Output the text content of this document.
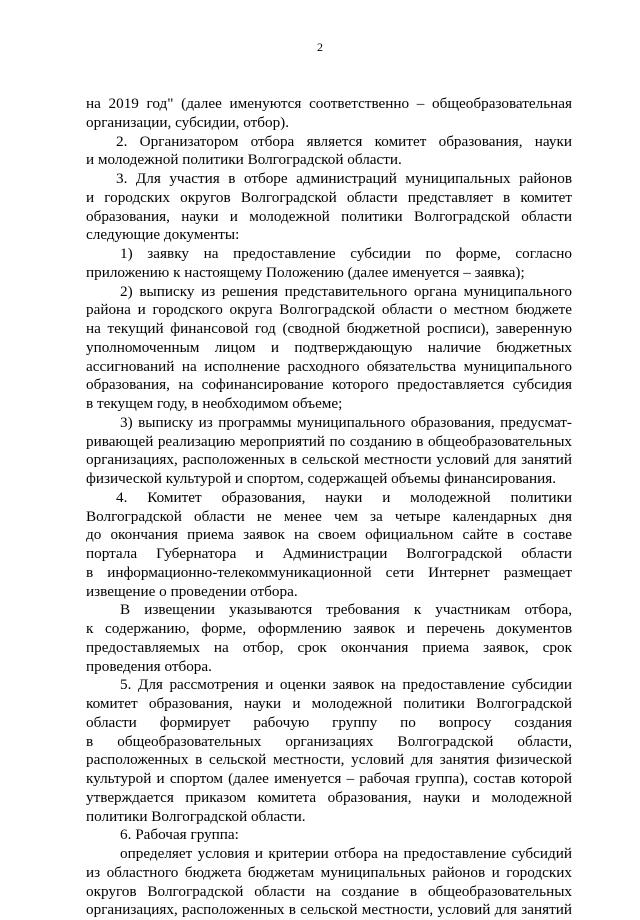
2
на 2019 год" (далее именуются соответственно – общеобразовательная
организации, субсидии, отбор).
2. Организатором отбора является комитет образования, науки
и молодежной политики Волгоградской области.
3. Для участия в отборе администраций муниципальных районов
и городских округов Волгоградской области представляет в комитет
образования, науки и молодежной политики Волгоградской области
следующие документы:
1) заявку на предоставление субсидии по форме, согласно
приложению к настоящему Положению (далее именуется – заявка);
2) выписку из решения представительного органа муниципального
района и городского округа Волгоградской области о местном бюджете
на текущий финансовой год (сводной бюджетной росписи), заверенную
уполномоченным лицом и подтверждающую наличие бюджетных
ассигнований на исполнение расходного обязательства муниципального
образования, на софинансирование которого предоставляется субсидия
в текущем году, в необходимом объеме;
3) выписку из программы муниципального образования, предусмат-
ривающей реализацию мероприятий по созданию в общеобразовательных
организациях, расположенных в сельской местности условий для занятий
физической культурой и спортом, содержащей объемы финансирования.
4. Комитет образования, науки и молодежной политики
Волгоградской области не менее чем за четыре календарных дня
до окончания приема заявок на своем официальном сайте в составе
портала Губернатора и Администрации Волгоградской области
в информационно-телекоммуникационной сети Интернет размещает
извещение о проведении отбора.
В извещении указываются требования к участникам отбора,
к содержанию, форме, оформлению заявок и перечень документов
предоставляемых на отбор, срок окончания приема заявок, срок
проведения отбора.
5. Для рассмотрения и оценки заявок на предоставление субсидии
комитет образования, науки и молодежной политики Волгоградской
области формирует рабочую группу по вопросу создания
в общеобразовательных организациях Волгоградской области,
расположенных в сельской местности, условий для занятия физической
культурой и спортом (далее именуется – рабочая группа), состав которой
утверждается приказом комитета образования, науки и молодежной
политики Волгоградской области.
6. Рабочая группа:
определяет условия и критерии отбора на предоставление субсидий
из областного бюджета бюджетам муниципальных районов и городских
округов Волгоградской области на создание в общеобразовательных
организациях, расположенных в сельской местности, условий для занятий
